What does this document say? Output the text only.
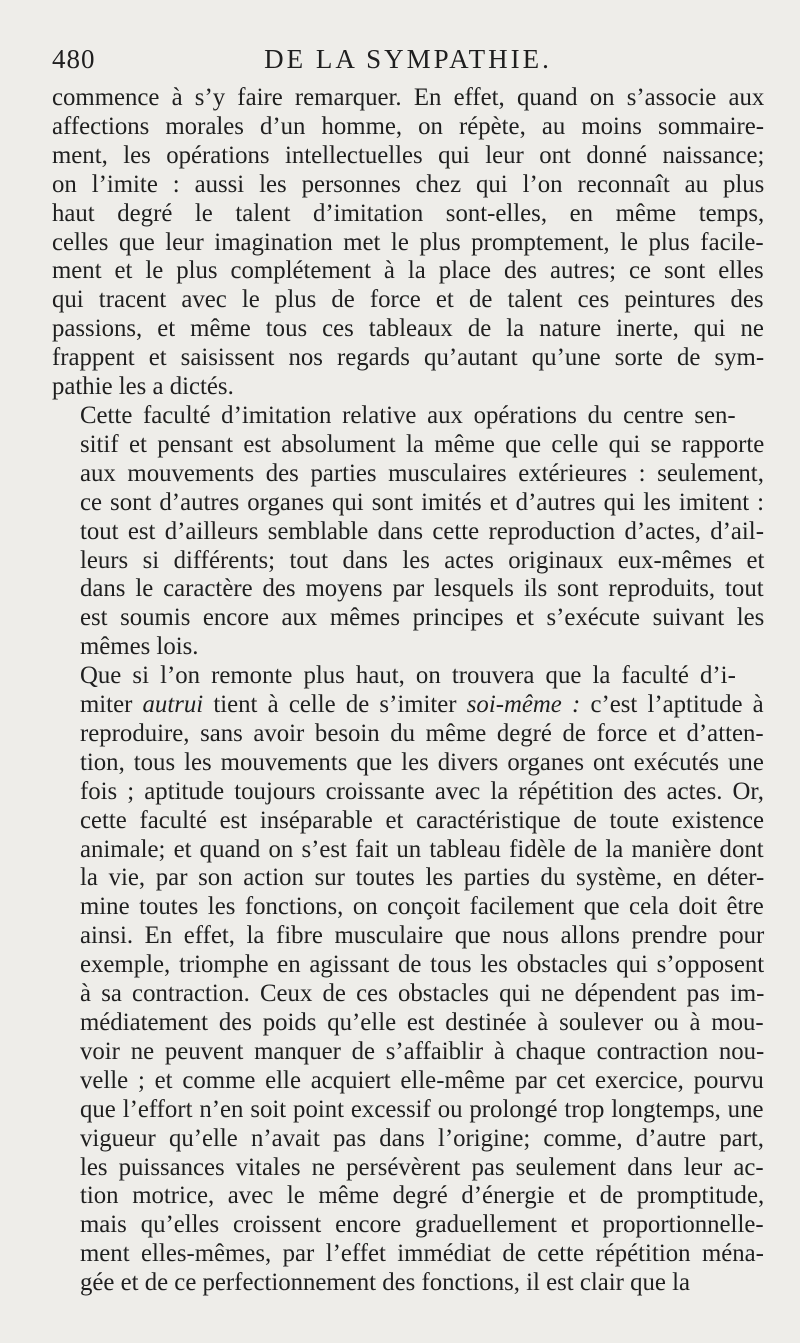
480	DE LA SYMPATHIE.

commence à s’y faire remarquer. En effet, quand on s’associe aux
affections morales d’un homme, on répète, au moins sommaire-
ment, les opérations intellectuelles qui leur ont donné naissance;
on l’imite : aussi les personnes chez qui l’on reconnaît au plus
haut degré le talent d’imitation sont-elles, en même temps,
celles que leur imagination met le plus promptement, le plus facile-
ment et le plus complétement à la place des autres; ce sont elles
qui tracent avec le plus de force et de talent ces peintures des
passions, et même tous ces tableaux de la nature inerte, qui ne
frappent et saisissent nos regards qu’autant qu’une sorte de sym-
pathie les a dictés.

Cette faculté d’imitation relative aux opérations du centre sen-
sitif et pensant est absolument la même que celle qui se rapporte
aux mouvements des parties musculaires extérieures : seulement,
ce sont d’autres organes qui sont imités et d’autres qui les imitent :
tout est d’ailleurs semblable dans cette reproduction d’actes, d’ail-
leurs si différents; tout dans les actes originaux eux-mêmes et
dans le caractère des moyens par lesquels ils sont reproduits, tout
est soumis encore aux mêmes principes et s’exécute suivant les
mêmes lois.

Que si l’on remonte plus haut, on trouvera que la faculté d’i-
miter autrui tient à celle de s’imiter soi-même : c’est l’aptitude à
reproduire, sans avoir besoin du même degré de force et d’atten-
tion, tous les mouvements que les divers organes ont exécutés une
fois ; aptitude toujours croissante avec la répétition des actes. Or,
cette faculté est inséparable et caractéristique de toute existence
animale; et quand on s’est fait un tableau fidèle de la manière dont
la vie, par son action sur toutes les parties du système, en déter-
mine toutes les fonctions, on conçoit facilement que cela doit être
ainsi. En effet, la fibre musculaire que nous allons prendre pour
exemple, triomphe en agissant de tous les obstacles qui s’opposent
à sa contraction. Ceux de ces obstacles qui ne dépendent pas im-
médiatement des poids qu’elle est destinée à soulever ou à mou-
voir ne peuvent manquer de s’affaiblir à chaque contraction nou-
velle ; et comme elle acquiert elle-même par cet exercice, pourvu
que l’effort n’en soit point excessif ou prolongé trop longtemps, une
vigueur qu’elle n’avait pas dans l’origine; comme, d’autre part,
les puissances vitales ne persévèrent pas seulement dans leur ac-
tion motrice, avec le même degré d’énergie et de promptitude,
mais qu’elles croissent encore graduellement et proportionnelle-
ment elles-mêmes, par l’effet immédiat de cette répétition ména-
gée et de ce perfectionnement des fonctions, il est clair que la
